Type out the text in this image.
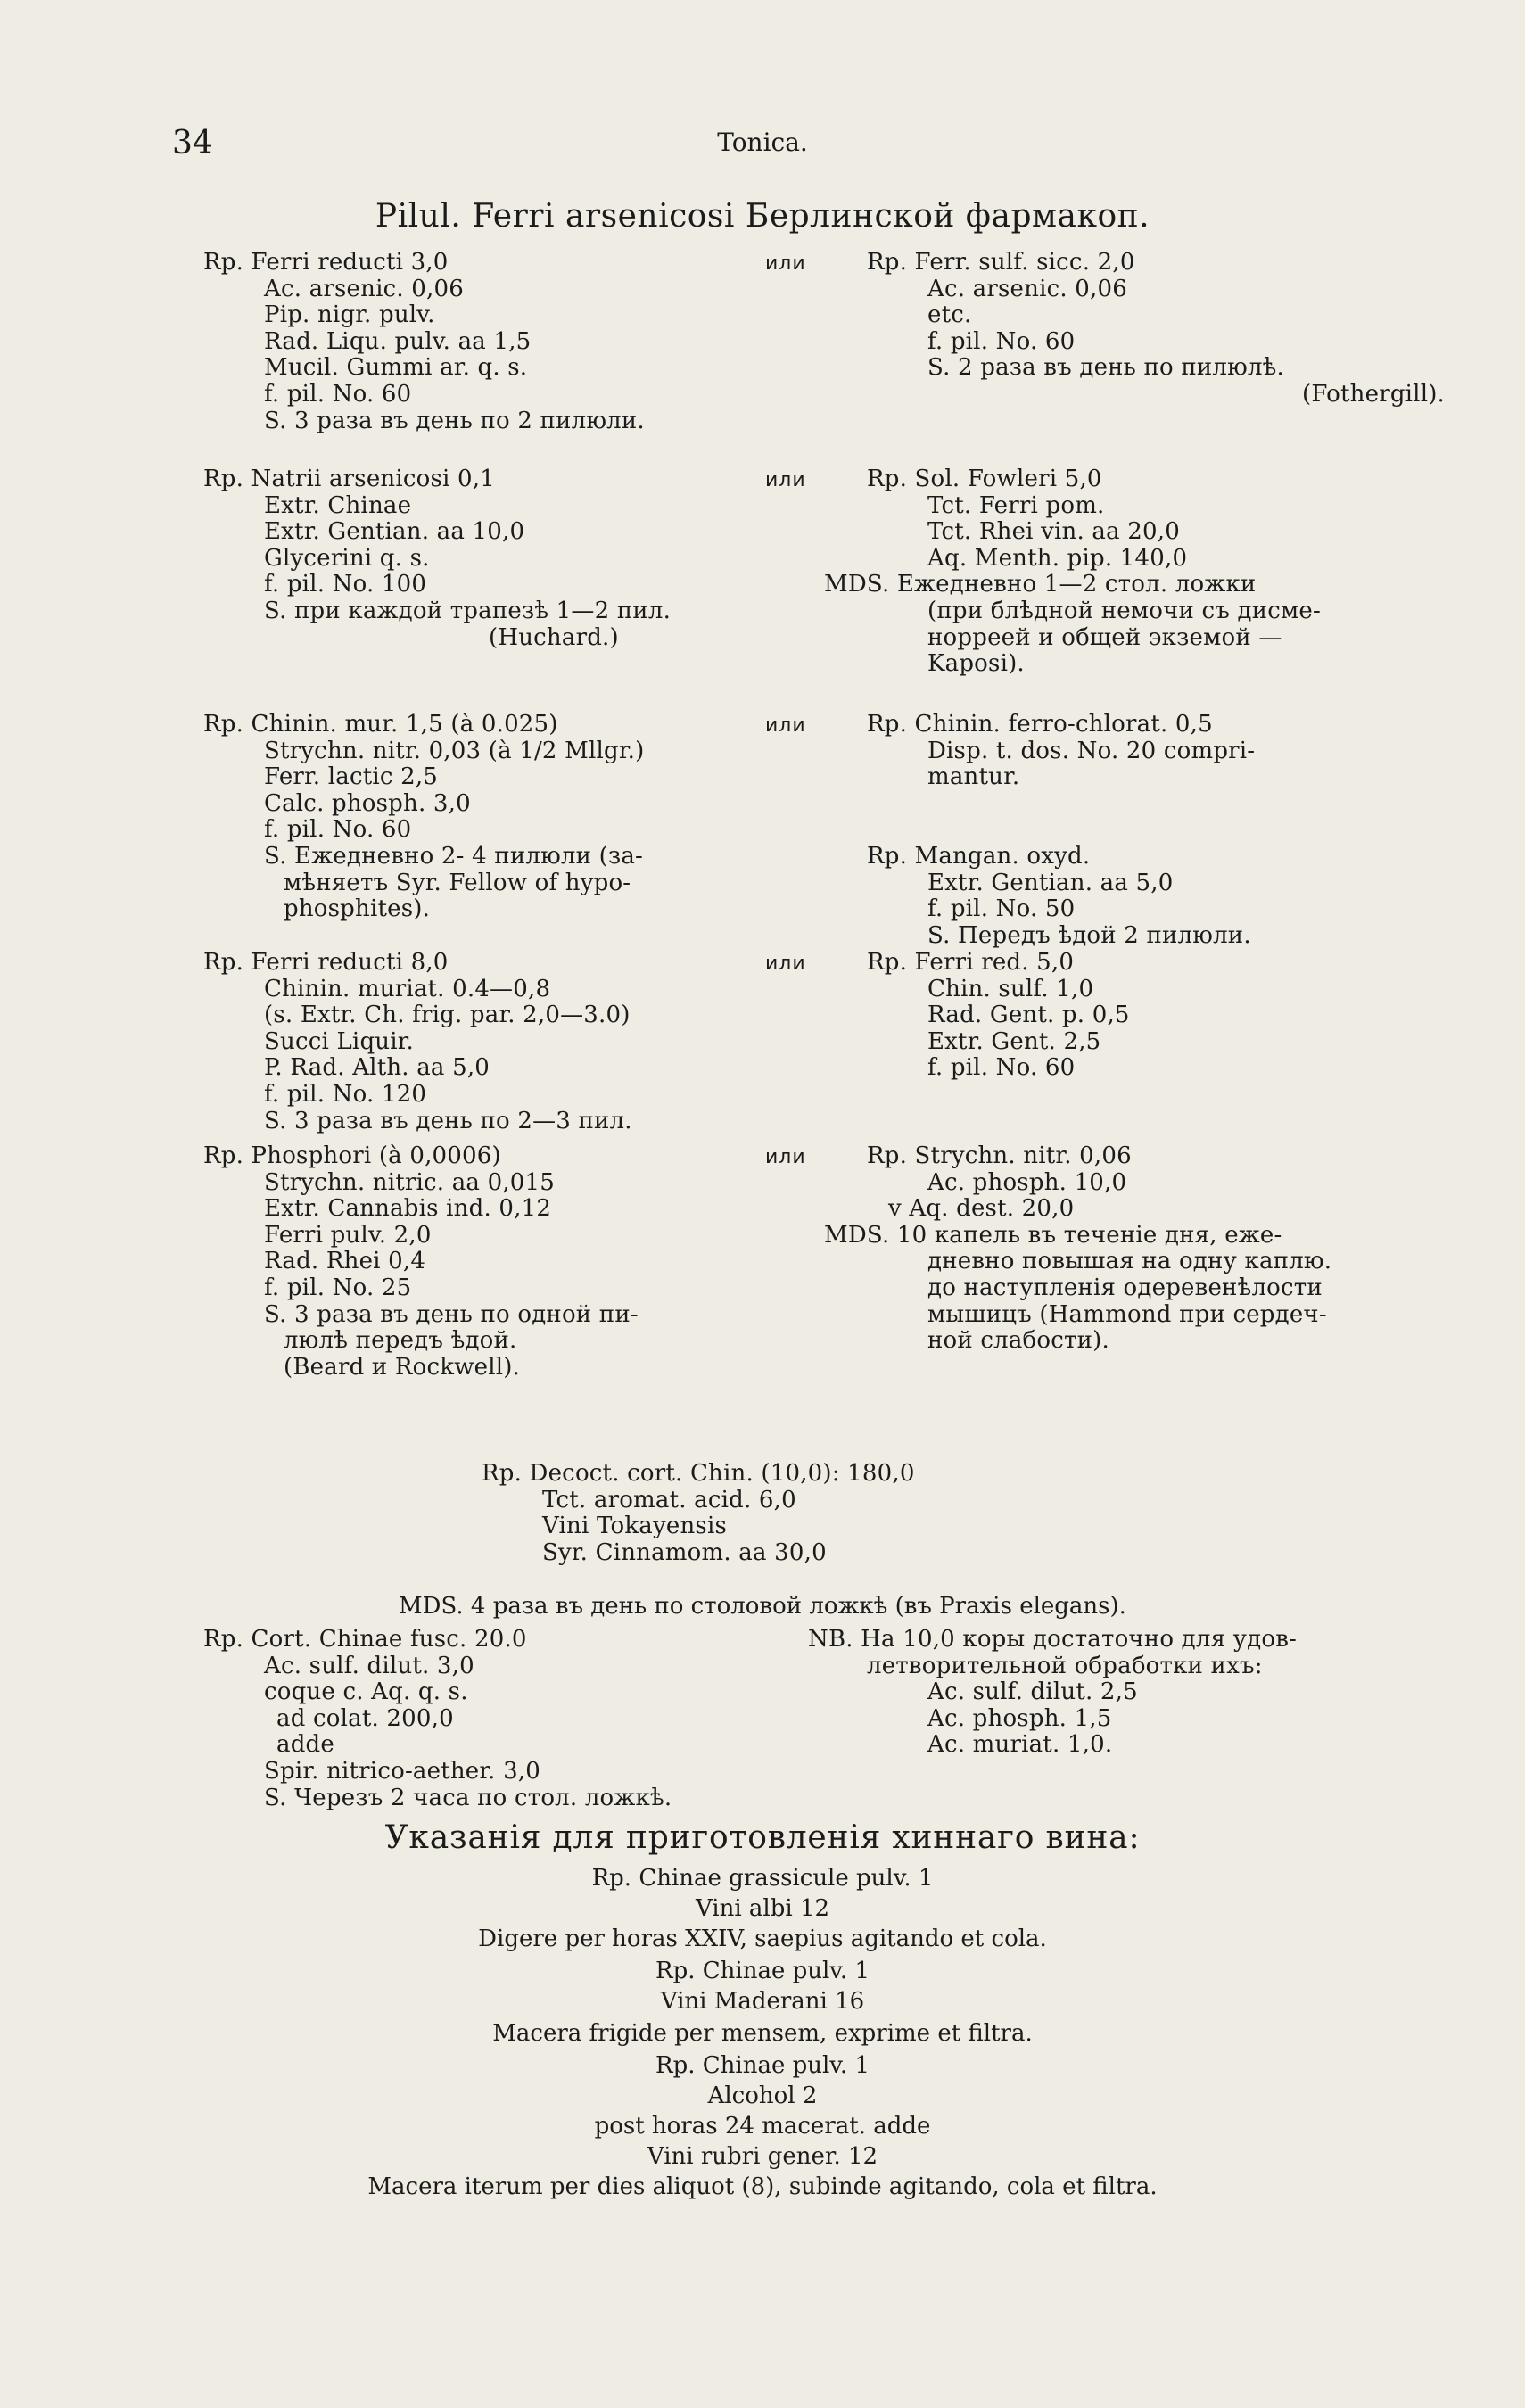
34	Tonica.
Pilul. Ferri arsenicosi Берлинской фармакоп.
Rp. Ferri reducti 3,0
Ac. arsenic. 0,06
Pip. nigr. pulv.
Rad. Liqu. pulv. aa 1,5
Mucil. Gummi ar. q. s.
f. pil. No. 60
S. 3 раза въ день по 2 пилюли.
или	Rp. Ferr. sulf. sicc. 2,0
Ac. arsenic. 0,06
etc.
f. pil. No. 60
S. 2 раза въ день по пилюлѣ.
(Fothergill).
Rp. Natrii arsenicosi 0,1
Extr. Chinae
Extr. Gentian. aa 10,0
Glycerini q. s.
f. pil. No. 100
S. при каждой трапезѣ 1—2 пил.
(Huchard.)
или	Rp. Sol. Fowleri 5,0
Tct. Ferri pom.
Tct. Rhei vin. aa 20,0
Aq. Menth. pip. 140,0
MDS. Ежедневно 1—2 стол. ложки
(при блѣдной немочи съ дисме-
норреей и общей экземой —
Kaposi).
Rp. Chinin. mur. 1,5 (à 0.025)
Strychn. nitr. 0,03 (à 1/2 Mllgr.)
Ferr. lactic 2,5
Calc. phosph. 3,0
f. pil. No. 60
S. Ежедневно 2- 4 пилюли (за-
мѣняетъ Syr. Fellow of hypo-
phosphites).
или	Rp. Chinin. ferro-chlorat. 0,5
Disp. t. dos. No. 20 compri-
mantur.
Rp. Mangan. oxyd.
Extr. Gentian. aa 5,0
f. pil. No. 50
S. Передъ ѣдой 2 пилюли.
Rp. Ferri reducti 8,0
Chinin. muriat. 0.4—0,8
(s. Extr. Ch. frig. par. 2,0—3.0)
Succi Liquir.
P. Rad. Alth. aa 5,0
f. pil. No. 120
S. 3 раза въ день по 2—3 пил.
или	Rp. Ferri red. 5,0
Chin. sulf. 1,0
Rad. Gent. p. 0,5
Extr. Gent. 2,5
f. pil. No. 60
Rp. Phosphori (à 0,0006)
Strychn. nitric. aa 0,015
Extr. Cannabis ind. 0,12
Ferri pulv. 2,0
Rad. Rhei 0,4
f. pil. No. 25
S. 3 раза въ день по одной пи-
люлѣ передъ ѣдой.
(Beard и Rockwell).
или	Rp. Strychn. nitr. 0,06
Ac. phosph. 10,0
v Aq. dest. 20,0
MDS. 10 капель въ теченіе дня, еже-
дневно повышая на одну каплю.
до наступленія одеревенѣлости
мышицъ (Hammond при сердеч-
ной слабости).
Rp. Decoct. cort. Chin. (10,0): 180,0
Tct. aromat. acid. 6,0
Vini Tokayensis
Syr. Cinnamom. aa 30,0
MDS. 4 раза въ день по столовой ложкѣ (въ Praxis elegans).
Rp. Cort. Chinae fusc. 20.0
Ac. sulf. dilut. 3,0
coque c. Aq. q. s.
ad colat. 200,0
adde
Spir. nitrico-aether. 3,0
S. Черезъ 2 часа по стол. ложкѣ.
NB. На 10,0 коры достаточно для удов-
летворительной обработки ихъ:
Ac. sulf. dilut. 2,5
Ac. phosph. 1,5
Ac. muriat. 1,0.
Указанія для приготовленія хиннаго вина:
Rp. Chinae grassicule pulv. 1
Vini albi 12
Digere per horas XXIV, saepius agitando et cola.
Rp. Chinae pulv. 1
Vini Maderani 16
Macera frigide per mensem, exprime et filtra.
Rp. Chinae pulv. 1
Alcohol 2
post horas 24 macerat. adde
Vini rubri gener. 12
Macera iterum per dies aliquot (8), subinde agitando, cola et filtra.
